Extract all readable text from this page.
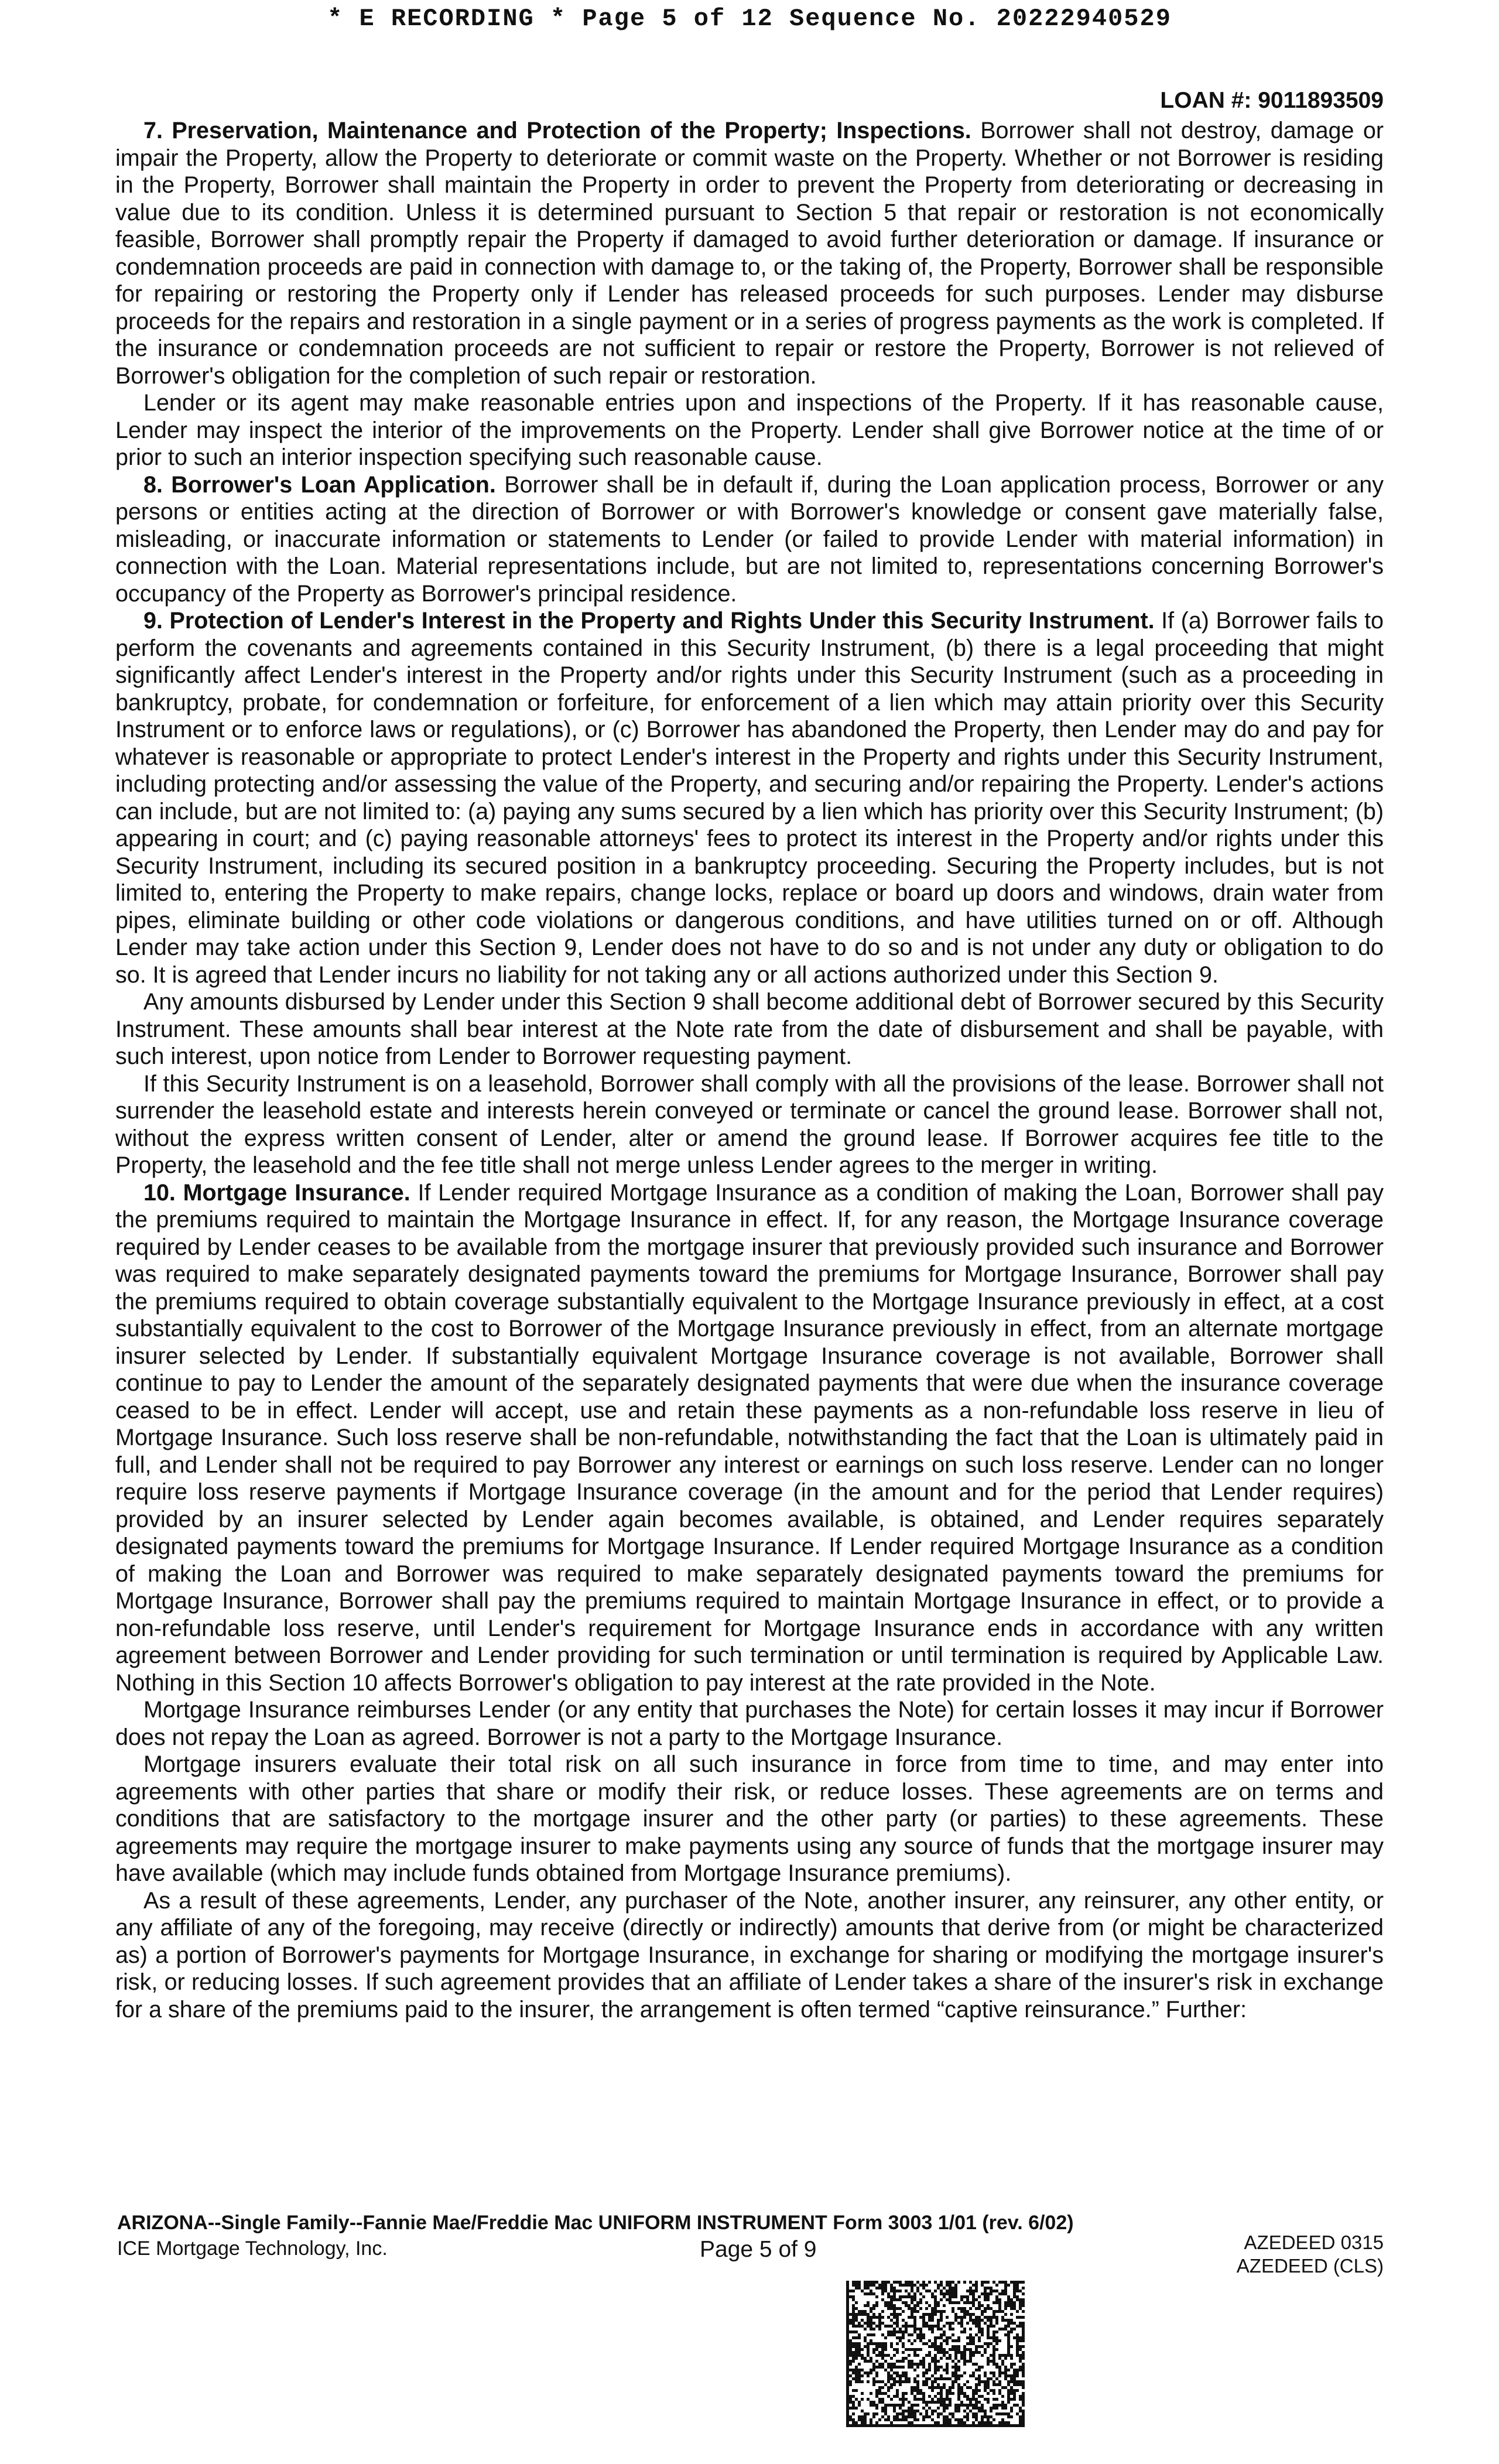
* E RECORDING * Page 5 of 12 Sequence No. 20222940529
LOAN #: 9011893509

7. Preservation, Maintenance and Protection of the Property; Inspections. Borrower shall not destroy, damage or impair the Property, allow the Property to deteriorate or commit waste on the Property. Whether or not Borrower is residing in the Property, Borrower shall maintain the Property in order to prevent the Property from deteriorating or decreasing in value due to its condition. Unless it is determined pursuant to Section 5 that repair or restoration is not economically feasible, Borrower shall promptly repair the Property if damaged to avoid further deterioration or damage. If insurance or condemnation proceeds are paid in connection with damage to, or the taking of, the Property, Borrower shall be responsible for repairing or restoring the Property only if Lender has released proceeds for such purposes. Lender may disburse proceeds for the repairs and restoration in a single payment or in a series of progress payments as the work is completed. If the insurance or condemnation proceeds are not sufficient to repair or restore the Property, Borrower is not relieved of Borrower's obligation for the completion of such repair or restoration.

Lender or its agent may make reasonable entries upon and inspections of the Property. If it has reasonable cause, Lender may inspect the interior of the improvements on the Property. Lender shall give Borrower notice at the time of or prior to such an interior inspection specifying such reasonable cause.

8. Borrower's Loan Application. Borrower shall be in default if, during the Loan application process, Borrower or any persons or entities acting at the direction of Borrower or with Borrower's knowledge or consent gave materially false, misleading, or inaccurate information or statements to Lender (or failed to provide Lender with material information) in connection with the Loan. Material representations include, but are not limited to, representations concerning Borrower's occupancy of the Property as Borrower's principal residence.

9. Protection of Lender's Interest in the Property and Rights Under this Security Instrument. If (a) Borrower fails to perform the covenants and agreements contained in this Security Instrument, (b) there is a legal proceeding that might significantly affect Lender's interest in the Property and/or rights under this Security Instrument (such as a proceeding in bankruptcy, probate, for condemnation or forfeiture, for enforcement of a lien which may attain priority over this Security Instrument or to enforce laws or regulations), or (c) Borrower has abandoned the Property, then Lender may do and pay for whatever is reasonable or appropriate to protect Lender's interest in the Property and rights under this Security Instrument, including protecting and/or assessing the value of the Property, and securing and/or repairing the Property. Lender's actions can include, but are not limited to: (a) paying any sums secured by a lien which has priority over this Security Instrument; (b) appearing in court; and (c) paying reasonable attorneys' fees to protect its interest in the Property and/or rights under this Security Instrument, including its secured position in a bankruptcy proceeding. Securing the Property includes, but is not limited to, entering the Property to make repairs, change locks, replace or board up doors and windows, drain water from pipes, eliminate building or other code violations or dangerous conditions, and have utilities turned on or off. Although Lender may take action under this Section 9, Lender does not have to do so and is not under any duty or obligation to do so. It is agreed that Lender incurs no liability for not taking any or all actions authorized under this Section 9.

Any amounts disbursed by Lender under this Section 9 shall become additional debt of Borrower secured by this Security Instrument. These amounts shall bear interest at the Note rate from the date of disbursement and shall be payable, with such interest, upon notice from Lender to Borrower requesting payment.

If this Security Instrument is on a leasehold, Borrower shall comply with all the provisions of the lease. Borrower shall not surrender the leasehold estate and interests herein conveyed or terminate or cancel the ground lease. Borrower shall not, without the express written consent of Lender, alter or amend the ground lease. If Borrower acquires fee title to the Property, the leasehold and the fee title shall not merge unless Lender agrees to the merger in writing.

10. Mortgage Insurance. If Lender required Mortgage Insurance as a condition of making the Loan, Borrower shall pay the premiums required to maintain the Mortgage Insurance in effect. If, for any reason, the Mortgage Insurance coverage required by Lender ceases to be available from the mortgage insurer that previously provided such insurance and Borrower was required to make separately designated payments toward the premiums for Mortgage Insurance, Borrower shall pay the premiums required to obtain coverage substantially equivalent to the Mortgage Insurance previously in effect, at a cost substantially equivalent to the cost to Borrower of the Mortgage Insurance previously in effect, from an alternate mortgage insurer selected by Lender. If substantially equivalent Mortgage Insurance coverage is not available, Borrower shall continue to pay to Lender the amount of the separately designated payments that were due when the insurance coverage ceased to be in effect. Lender will accept, use and retain these payments as a non-refundable loss reserve in lieu of Mortgage Insurance. Such loss reserve shall be non-refundable, notwithstanding the fact that the Loan is ultimately paid in full, and Lender shall not be required to pay Borrower any interest or earnings on such loss reserve. Lender can no longer require loss reserve payments if Mortgage Insurance coverage (in the amount and for the period that Lender requires) provided by an insurer selected by Lender again becomes available, is obtained, and Lender requires separately designated payments toward the premiums for Mortgage Insurance. If Lender required Mortgage Insurance as a condition of making the Loan and Borrower was required to make separately designated payments toward the premiums for Mortgage Insurance, Borrower shall pay the premiums required to maintain Mortgage Insurance in effect, or to provide a non-refundable loss reserve, until Lender's requirement for Mortgage Insurance ends in accordance with any written agreement between Borrower and Lender providing for such termination or until termination is required by Applicable Law. Nothing in this Section 10 affects Borrower's obligation to pay interest at the rate provided in the Note.

Mortgage Insurance reimburses Lender (or any entity that purchases the Note) for certain losses it may incur if Borrower does not repay the Loan as agreed. Borrower is not a party to the Mortgage Insurance.

Mortgage insurers evaluate their total risk on all such insurance in force from time to time, and may enter into agreements with other parties that share or modify their risk, or reduce losses. These agreements are on terms and conditions that are satisfactory to the mortgage insurer and the other party (or parties) to these agreements. These agreements may require the mortgage insurer to make payments using any source of funds that the mortgage insurer may have available (which may include funds obtained from Mortgage Insurance premiums).

As a result of these agreements, Lender, any purchaser of the Note, another insurer, any reinsurer, any other entity, or any affiliate of any of the foregoing, may receive (directly or indirectly) amounts that derive from (or might be characterized as) a portion of Borrower's payments for Mortgage Insurance, in exchange for sharing or modifying the mortgage insurer's risk, or reducing losses. If such agreement provides that an affiliate of Lender takes a share of the insurer's risk in exchange for a share of the premiums paid to the insurer, the arrangement is often termed “captive reinsurance.” Further:

ARIZONA--Single Family--Fannie Mae/Freddie Mac UNIFORM INSTRUMENT Form 3003 1/01 (rev. 6/02)
ICE Mortgage Technology, Inc.	Page 5 of 9	AZEDEED 0315
AZEDEED (CLS)
